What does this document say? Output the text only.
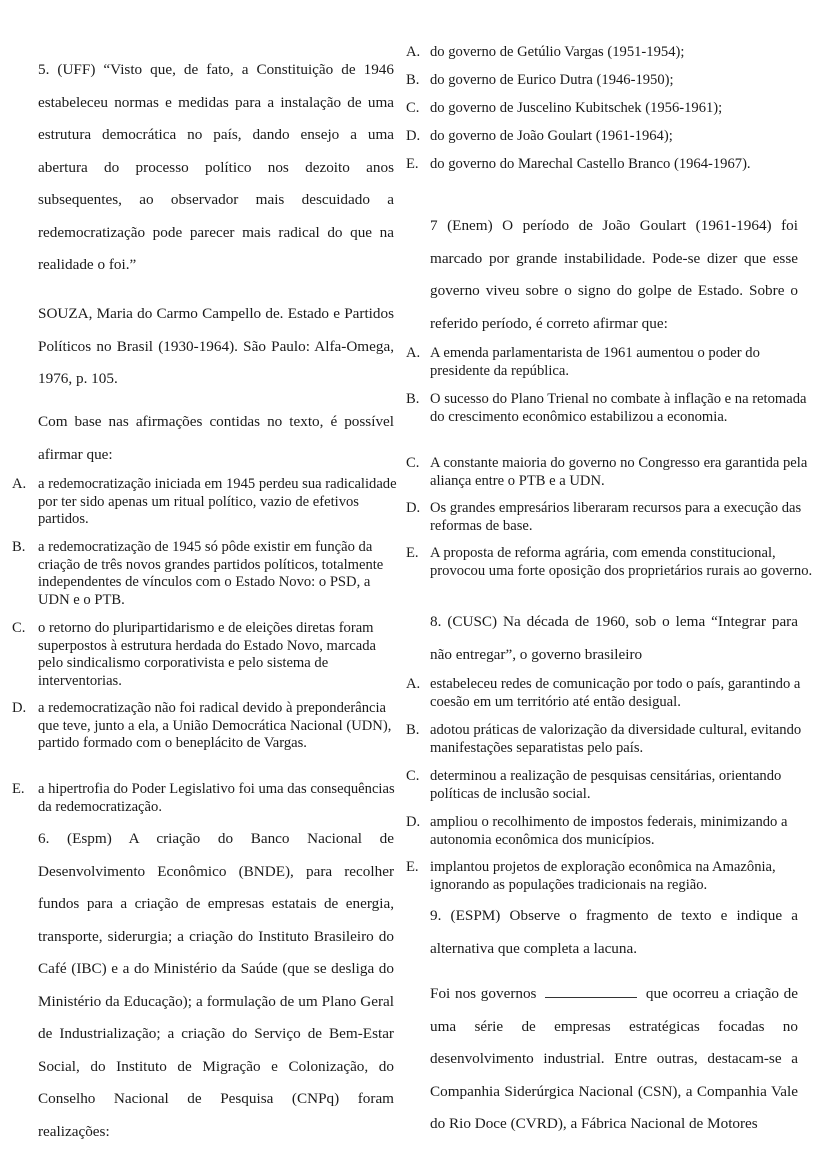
5. (UFF) “Visto que, de fato, a Constituição de 1946 estabeleceu normas e medidas para a instalação de uma estrutura democrática no país, dando ensejo a uma abertura do processo político nos dezoito anos subsequentes, ao observador mais descuidado a redemocratização pode parecer mais radical do que na realidade o foi.”
SOUZA, Maria do Carmo Campello de. Estado e Partidos Políticos no Brasil (1930-1964). São Paulo: Alfa-Omega, 1976, p. 105.
Com base nas afirmações contidas no texto, é possível afirmar que:
A. a redemocratização iniciada em 1945 perdeu sua radicalidade por ter sido apenas um ritual político, vazio de efetivos partidos.
B. a redemocratização de 1945 só pôde existir em função da criação de três novos grandes partidos políticos, totalmente independentes de vínculos com o Estado Novo: o PSD, a UDN e o PTB.
C. o retorno do pluripartidarismo e de eleições diretas foram superpostos à estrutura herdada do Estado Novo, marcada pelo sindicalismo corporativista e pelo sistema de interventorias.
D. a redemocratização não foi radical devido à preponderância que teve, junto a ela, a União Democrática Nacional (UDN), partido formado com o beneplácito de Vargas.
E. a hipertrofia do Poder Legislativo foi uma das consequências da redemocratização.
6. (Espm) A criação do Banco Nacional de Desenvolvimento Econômico (BNDE), para recolher fundos para a criação de empresas estatais de energia, transporte, siderurgia; a criação do Instituto Brasileiro do Café (IBC) e a do Ministério da Saúde (que se desliga do Ministério da Educação); a formulação de um Plano Geral de Industrialização; a criação do Serviço de Bem-Estar Social, do Instituto de Migração e Colonização, do Conselho Nacional de Pesquisa (CNPq) foram realizações:
A. do governo de Getúlio Vargas (1951-1954);
B. do governo de Eurico Dutra (1946-1950);
C. do governo de Juscelino Kubitschek (1956-1961);
D. do governo de João Goulart (1961-1964);
E. do governo do Marechal Castello Branco (1964-1967).
7 (Enem) O período de João Goulart (1961-1964) foi marcado por grande instabilidade. Pode-se dizer que esse governo viveu sobre o signo do golpe de Estado. Sobre o referido período, é correto afirmar que:
A. A emenda parlamentarista de 1961 aumentou o poder do presidente da república.
B. O sucesso do Plano Trienal no combate à inflação e na retomada do crescimento econômico estabilizou a economia.
C. A constante maioria do governo no Congresso era garantida pela aliança entre o PTB e a UDN.
D. Os grandes empresários liberaram recursos para a execução das reformas de base.
E. A proposta de reforma agrária, com emenda constitucional, provocou uma forte oposição dos proprietários rurais ao governo.
8. (CUSC) Na década de 1960, sob o lema “Integrar para não entregar”, o governo brasileiro
A. estabeleceu redes de comunicação por todo o país, garantindo a coesão em um território até então desigual.
B. adotou práticas de valorização da diversidade cultural, evitando manifestações separatistas pelo país.
C. determinou a realização de pesquisas censitárias, orientando políticas de inclusão social.
D. ampliou o recolhimento de impostos federais, minimizando a autonomia econômica dos municípios.
E. implantou projetos de exploração econômica na Amazônia, ignorando as populações tradicionais na região.
9. (ESPM) Observe o fragmento de texto e indique a alternativa que completa a lacuna.
Foi nos governos	que ocorreu a criação de uma série de empresas estratégicas focadas no desenvolvimento industrial. Entre outras, destacam-se a Companhia Siderúrgica Nacional (CSN), a Companhia Vale do Rio Doce (CVRD), a Fábrica Nacional de Motores
